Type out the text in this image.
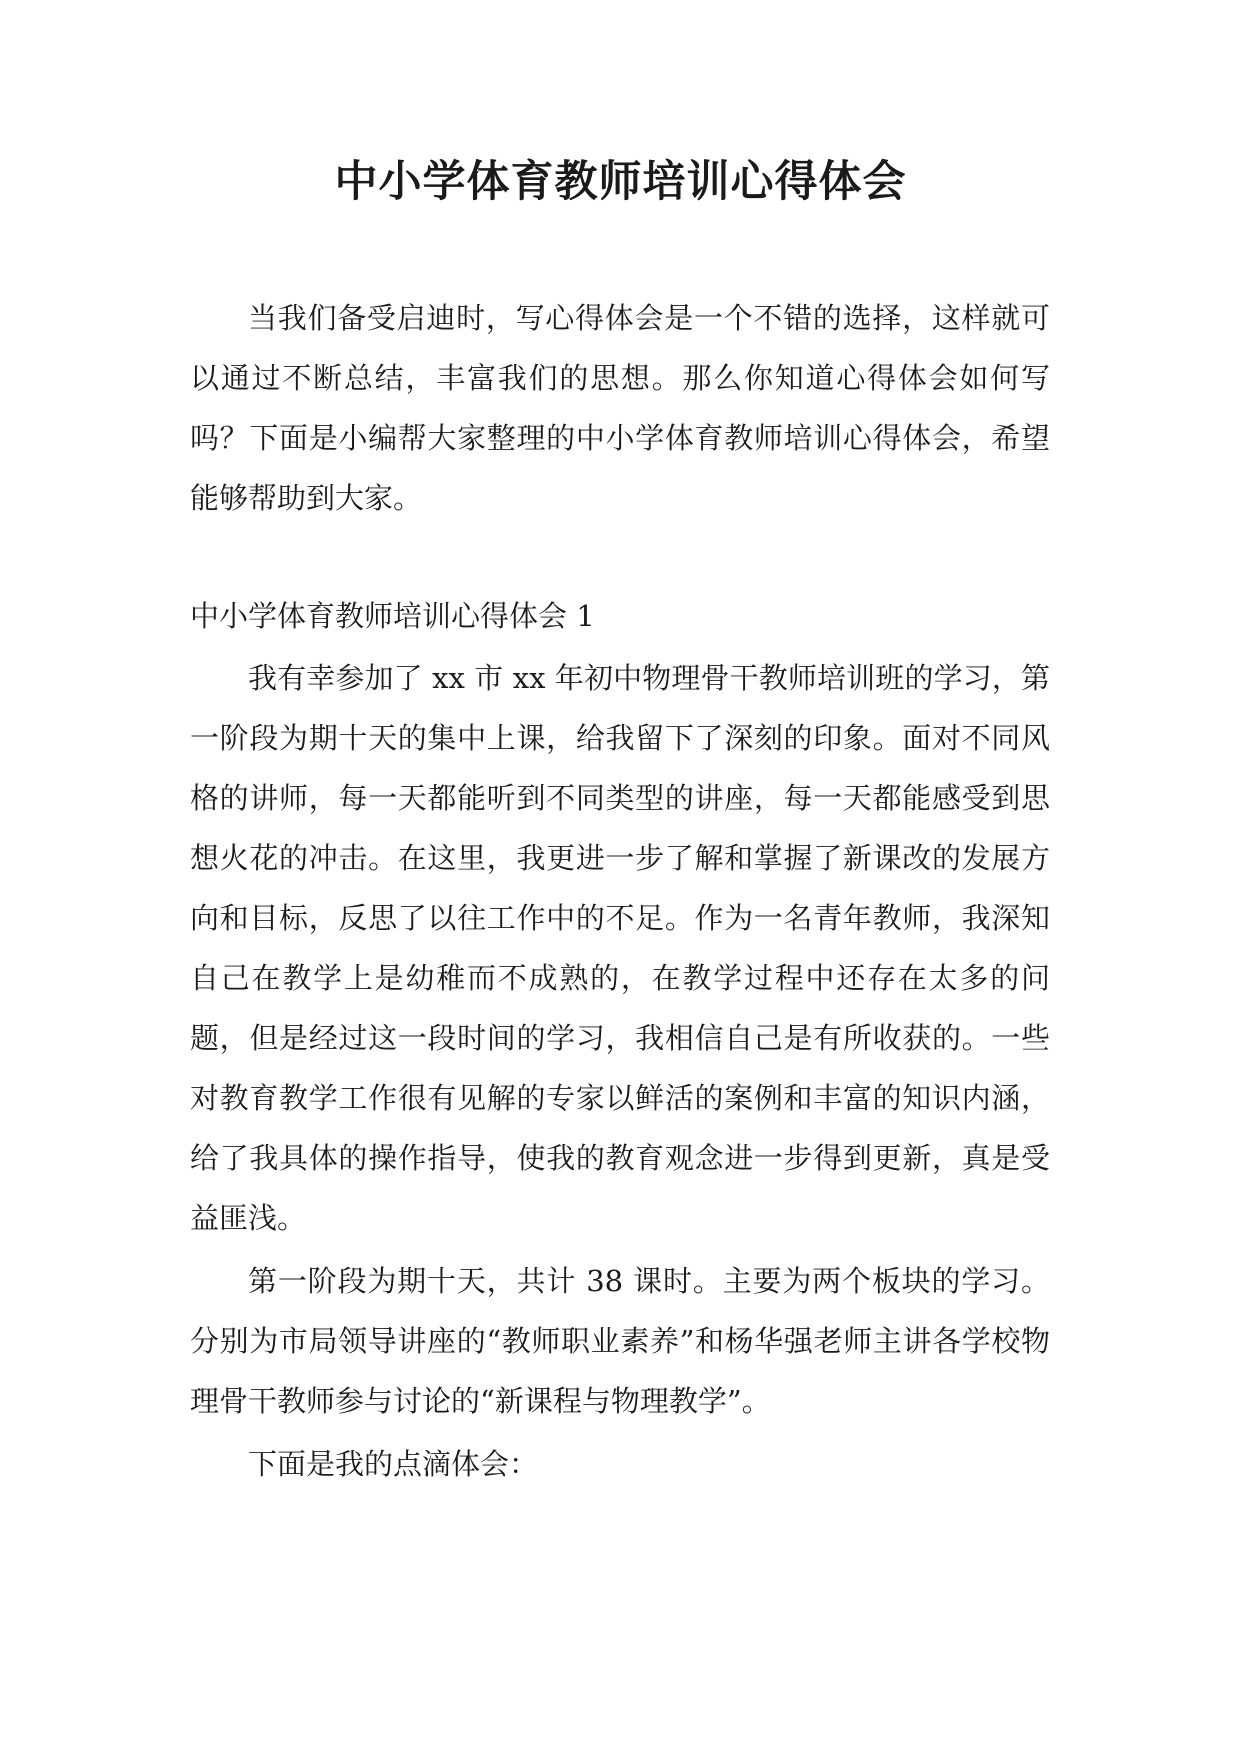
中小学体育教师培训心得体会

当我们备受启迪时，写心得体会是一个不错的选择，这样就可以通过不断总结，丰富我们的思想。那么你知道心得体会如何写吗？下面是小编帮大家整理的中小学体育教师培训心得体会，希望能够帮助到大家。

中小学体育教师培训心得体会 1

我有幸参加了 xx 市 xx 年初中物理骨干教师培训班的学习，第一阶段为期十天的集中上课，给我留下了深刻的印象。面对不同风格的讲师，每一天都能听到不同类型的讲座，每一天都能感受到思想火花的冲击。在这里，我更进一步了解和掌握了新课改的发展方向和目标，反思了以往工作中的不足。作为一名青年教师，我深知自己在教学上是幼稚而不成熟的，在教学过程中还存在太多的问题，但是经过这一段时间的学习，我相信自己是有所收获的。一些对教育教学工作很有见解的专家以鲜活的案例和丰富的知识内涵，给了我具体的操作指导，使我的教育观念进一步得到更新，真是受益匪浅。

第一阶段为期十天，共计 38 课时。主要为两个板块的学习。分别为市局领导讲座的“教师职业素养”和杨华强老师主讲各学校物理骨干教师参与讨论的“新课程与物理教学”。

下面是我的点滴体会：
